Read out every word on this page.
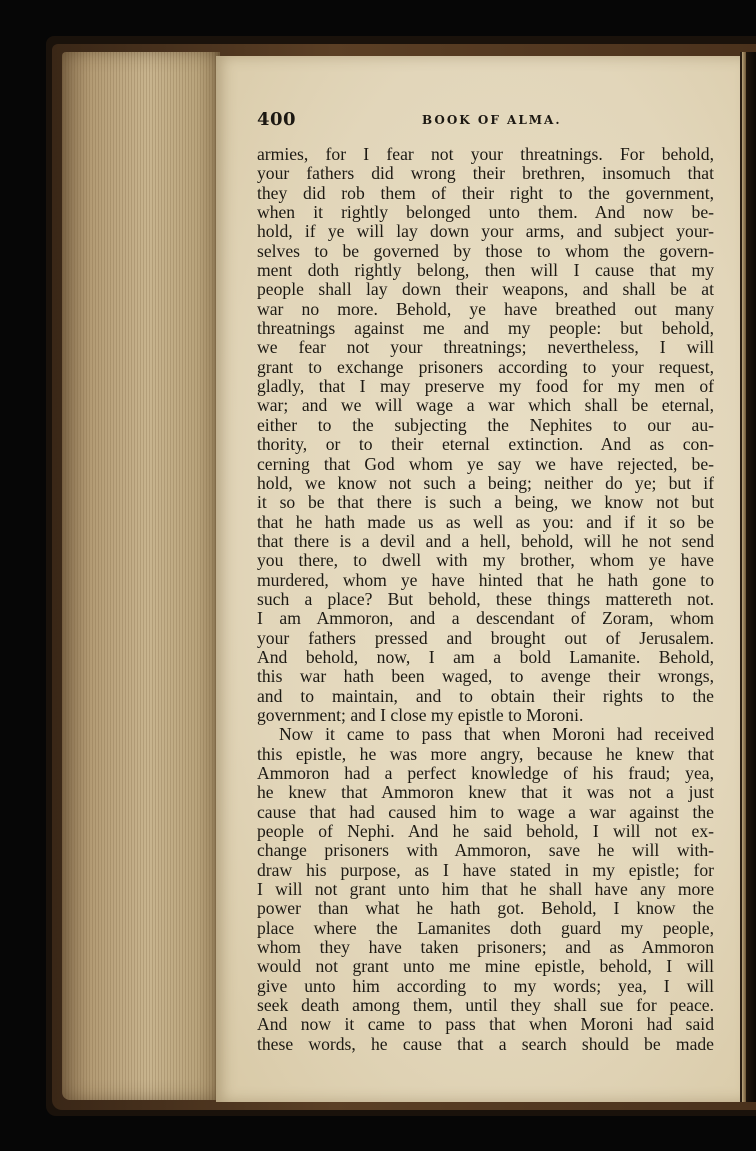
400	BOOK OF ALMA.
armies, for I fear not your threatnings. For behold,
your fathers did wrong their brethren, insomuch that
they did rob them of their right to the government,
when it rightly belonged unto them. And now be-
hold, if ye will lay down your arms, and subject your-
selves to be governed by those to whom the govern-
ment doth rightly belong, then will I cause that my
people shall lay down their weapons, and shall be at
war no more. Behold, ye have breathed out many
threatnings against me and my people: but behold,
we fear not your threatnings; nevertheless, I will
grant to exchange prisoners according to your request,
gladly, that I may preserve my food for my men of
war; and we will wage a war which shall be eternal,
either to the subjecting the Nephites to our au-
thority, or to their eternal extinction. And as con-
cerning that God whom ye say we have rejected, be-
hold, we know not such a being; neither do ye; but if
it so be that there is such a being, we know not but
that he hath made us as well as you: and if it so be
that there is a devil and a hell, behold, will he not send
you there, to dwell with my brother, whom ye have
murdered, whom ye have hinted that he hath gone to
such a place? But behold, these things mattereth not.
I am Ammoron, and a descendant of Zoram, whom
your fathers pressed and brought out of Jerusalem.
And behold, now, I am a bold Lamanite. Behold,
this war hath been waged, to avenge their wrongs,
and to maintain, and to obtain their rights to the
government; and I close my epistle to Moroni.
Now it came to pass that when Moroni had received
this epistle, he was more angry, because he knew that
Ammoron had a perfect knowledge of his fraud; yea,
he knew that Ammoron knew that it was not a just
cause that had caused him to wage a war against the
people of Nephi. And he said behold, I will not ex-
change prisoners with Ammoron, save he will with-
draw his purpose, as I have stated in my epistle; for
I will not grant unto him that he shall have any more
power than what he hath got. Behold, I know the
place where the Lamanites doth guard my people,
whom they have taken prisoners; and as Ammoron
would not grant unto me mine epistle, behold, I will
give unto him according to my words; yea, I will
seek death among them, until they shall sue for peace.
And now it came to pass that when Moroni had said
these words, he cause that a search should be made
